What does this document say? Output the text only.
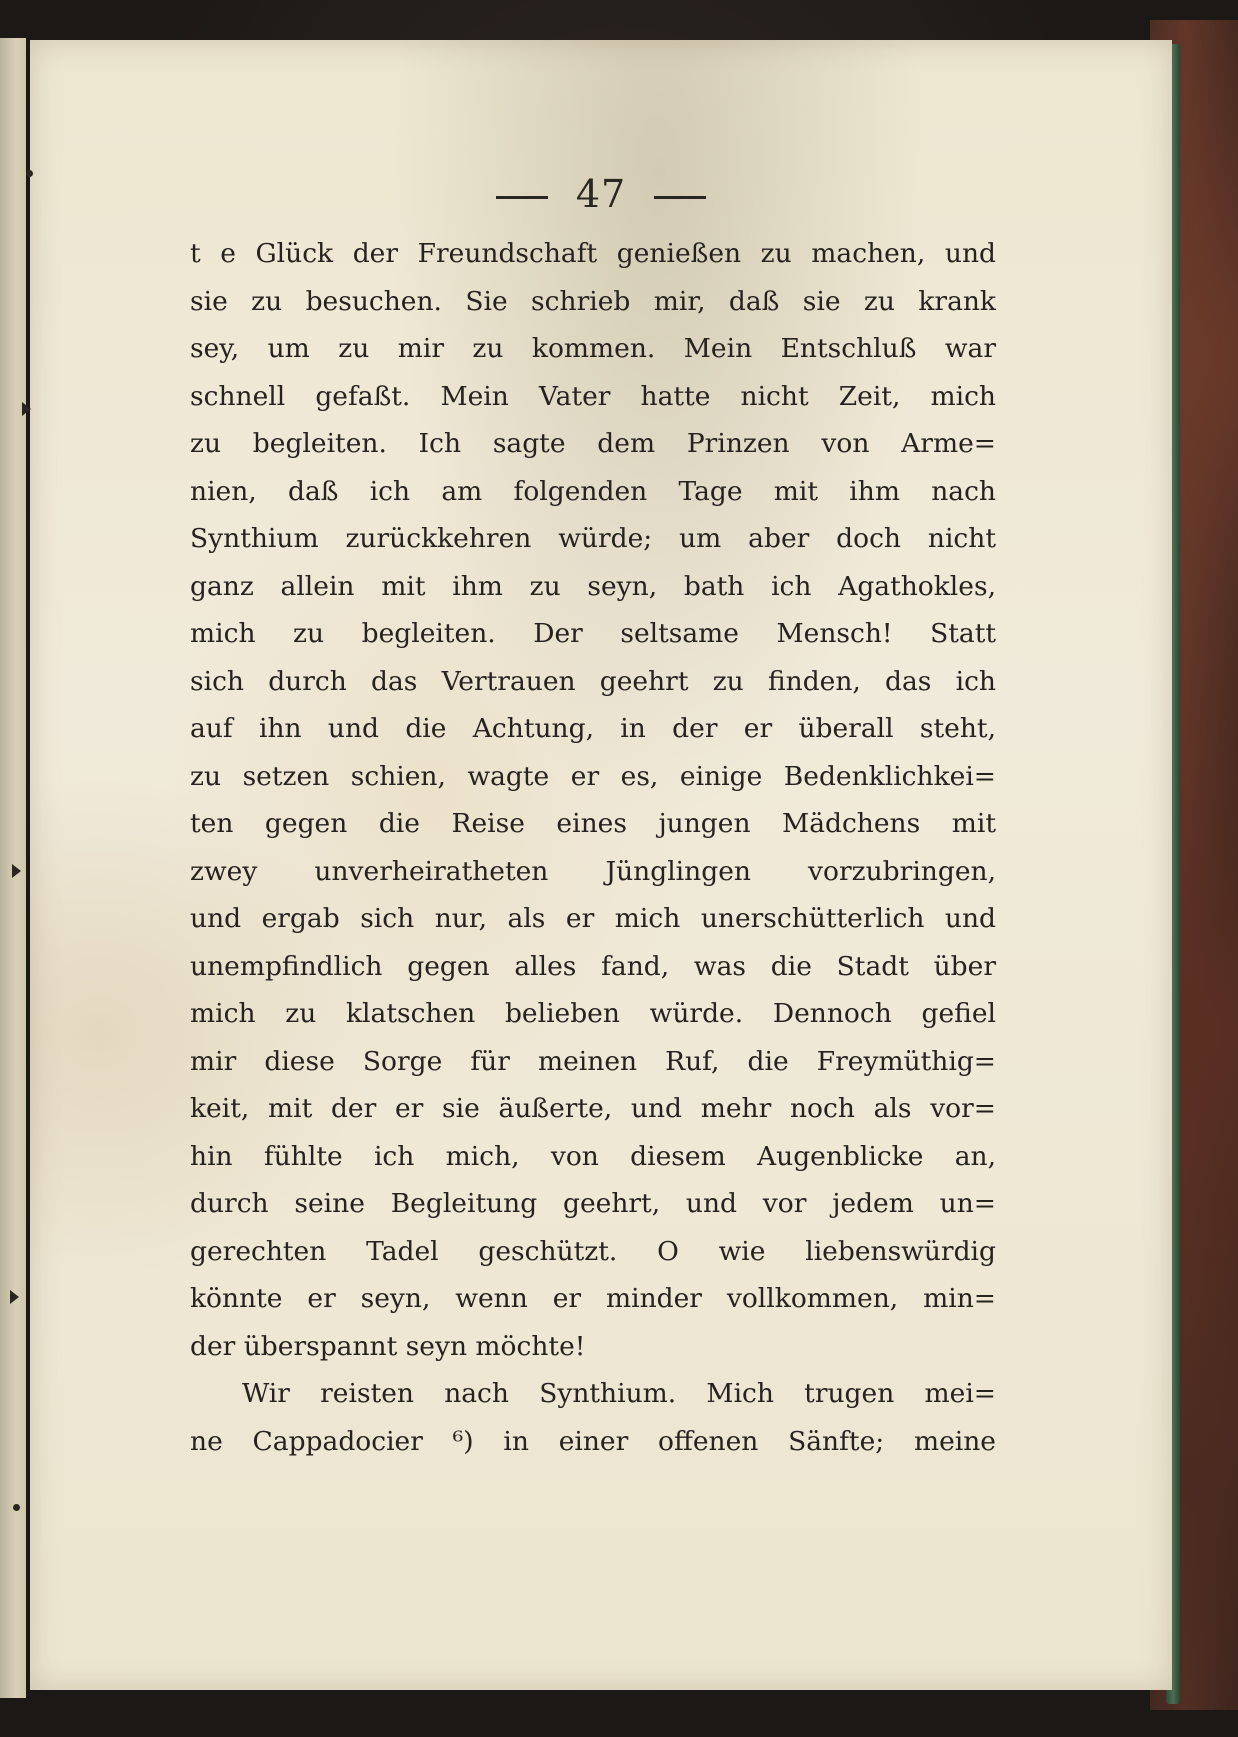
47
t e Glück der Freundschaft genießen zu machen, und
sie zu besuchen. Sie schrieb mir, daß sie zu krank
sey, um zu mir zu kommen. Mein Entschluß war
schnell gefaßt. Mein Vater hatte nicht Zeit, mich
zu begleiten. Ich sagte dem Prinzen von Arme=
nien, daß ich am folgenden Tage mit ihm nach
Synthium zurückkehren würde; um aber doch nicht
ganz allein mit ihm zu seyn, bath ich Agathokles,
mich zu begleiten. Der seltsame Mensch! Statt
sich durch das Vertrauen geehrt zu finden, das ich
auf ihn und die Achtung, in der er überall steht,
zu setzen schien, wagte er es, einige Bedenklichkei=
ten gegen die Reise eines jungen Mädchens mit
zwey unverheiratheten Jünglingen vorzubringen,
und ergab sich nur, als er mich unerschütterlich und
unempfindlich gegen alles fand, was die Stadt über
mich zu klatschen belieben würde. Dennoch gefiel
mir diese Sorge für meinen Ruf, die Freymüthig=
keit, mit der er sie äußerte, und mehr noch als vor=
hin fühlte ich mich, von diesem Augenblicke an,
durch seine Begleitung geehrt, und vor jedem un=
gerechten Tadel geschützt. O wie liebenswürdig
könnte er seyn, wenn er minder vollkommen, min=
der überspannt seyn möchte!
Wir reisten nach Synthium. Mich trugen mei=
ne Cappadocier ⁶) in einer offenen Sänfte; meine
